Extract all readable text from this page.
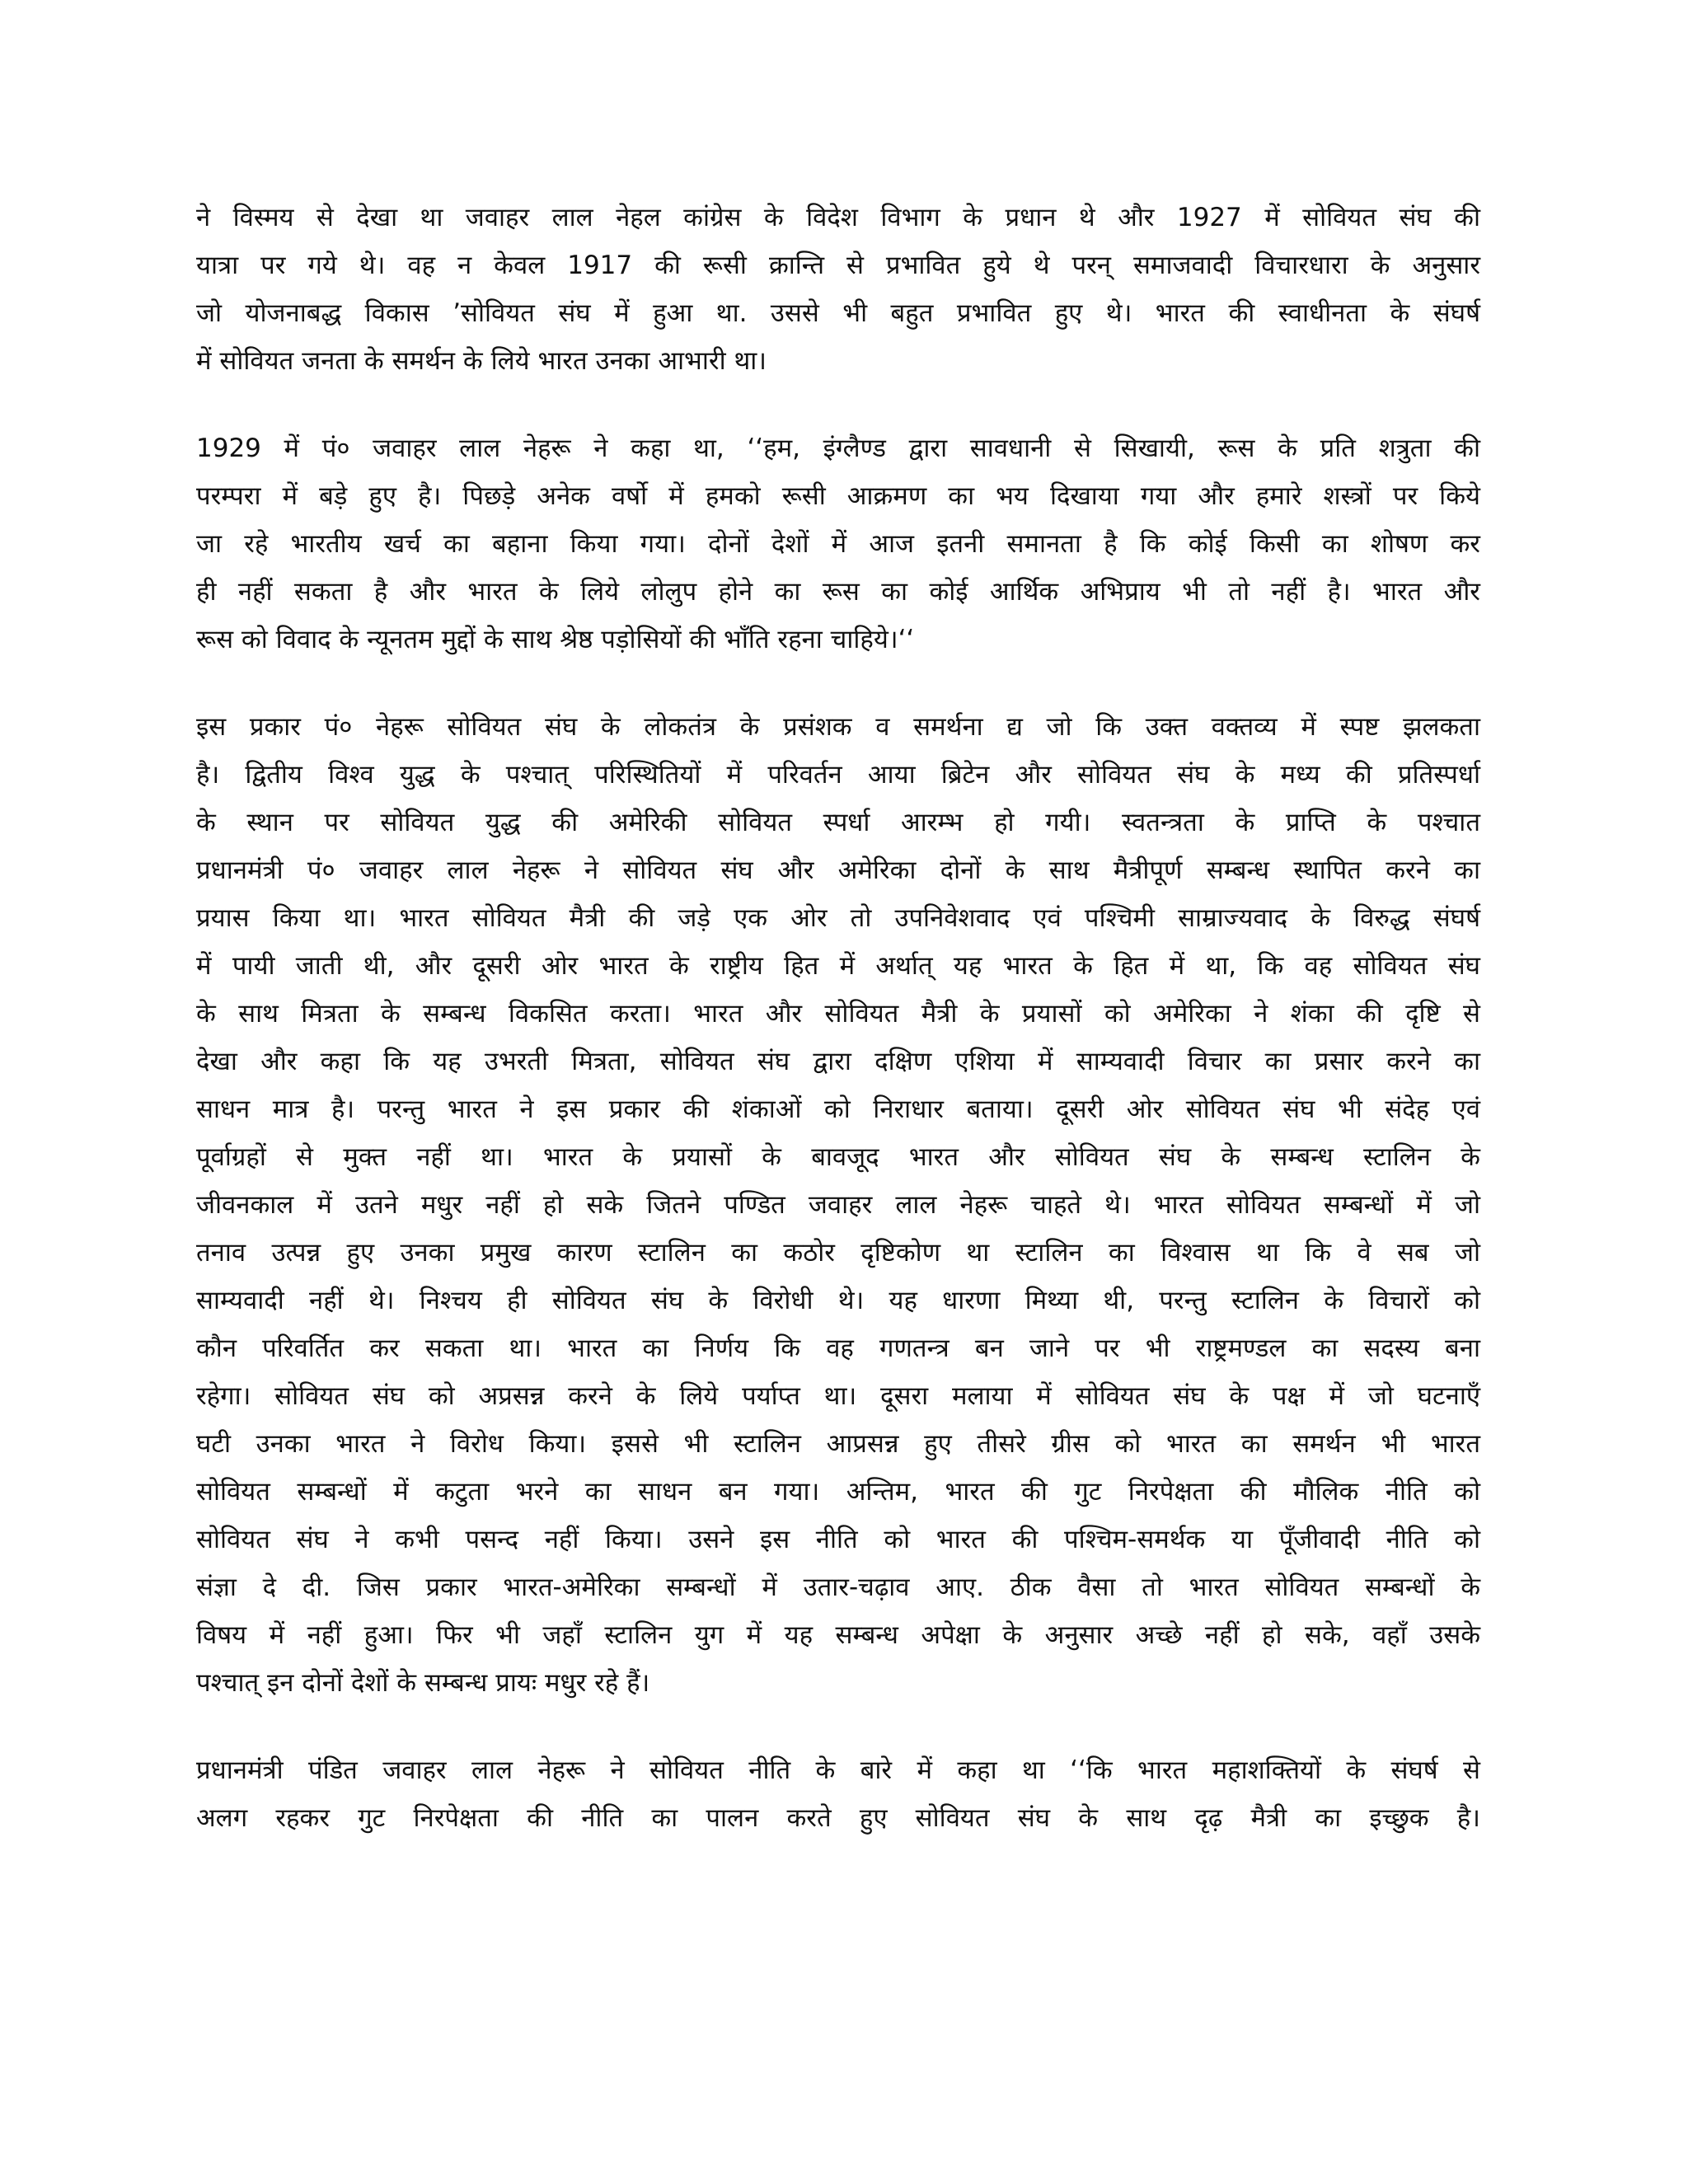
ने विस्मय से देखा था जवाहर लाल नेहल कांग्रेस के विदेश विभाग के प्रधान थे और 1927 में सोवियत संघ की
यात्रा पर गये थे। वह न केवल 1917 की रूसी क्रान्ति से प्रभावित हुये थे परन् समाजवादी विचारधारा के अनुसार
जो योजनाबद्ध विकास ’सोवियत संघ में हुआ था. उससे भी बहुत प्रभावित हुए थे। भारत की स्वाधीनता के संघर्ष
में सोवियत जनता के समर्थन के लिये भारत उनका आभारी था।
1929 में पं० जवाहर लाल नेहरू ने कहा था, ‘‘हम, इंग्लैण्ड द्वारा सावधानी से सिखायी, रूस के प्रति शत्रुता की
परम्परा में बड़े हुए है। पिछड़े अनेक वर्षो में हमको रूसी आक्रमण का भय दिखाया गया और हमारे शस्त्रों पर किये
जा रहे भारतीय खर्च का बहाना किया गया। दोनों देशों में आज इतनी समानता है कि कोई किसी का शोषण कर
ही नहीं सकता है और भारत के लिये लोलुप होने का रूस का कोई आर्थिक अभिप्राय भी तो नहीं है। भारत और
रूस को विवाद के न्यूनतम मुद्दों के साथ श्रेष्ठ पड़ोसियों की भाँति रहना चाहिये।‘‘
इस प्रकार पं० नेहरू सोवियत संघ के लोकतंत्र के प्रसंशक व समर्थना द्य जो कि उक्त वक्तव्य में स्पष्ट झलकता
है। द्वितीय विश्व युद्ध के पश्चात् परिस्थितियों में परिवर्तन आया ब्रिटेन और सोवियत संघ के मध्य की प्रतिस्पर्धा
के स्थान पर सोवियत युद्ध की अमेरिकी सोवियत स्पर्धा आरम्भ हो गयी। स्वतन्त्रता के प्राप्ति के पश्चात
प्रधानमंत्री पं० जवाहर लाल नेहरू ने सोवियत संघ और अमेरिका दोनों के साथ मैत्रीपूर्ण सम्बन्ध स्थापित करने का
प्रयास किया था। भारत सोवियत मैत्री की जड़े एक ओर तो उपनिवेशवाद एवं पश्चिमी साम्राज्यवाद के विरुद्ध संघर्ष
में पायी जाती थी, और दूसरी ओर भारत के राष्ट्रीय हित में अर्थात् यह भारत के हित में था, कि वह सोवियत संघ
के साथ मित्रता के सम्बन्ध विकसित करता। भारत और सोवियत मैत्री के प्रयासों को अमेरिका ने शंका की दृष्टि से
देखा और कहा कि यह उभरती मित्रता, सोवियत संघ द्वारा दक्षिण एशिया में साम्यवादी विचार का प्रसार करने का
साधन मात्र है। परन्तु भारत ने इस प्रकार की शंकाओं को निराधार बताया। दूसरी ओर सोवियत संघ भी संदेह एवं
पूर्वाग्रहों से मुक्त नहीं था। भारत के प्रयासों के बावजूद भारत और सोवियत संघ के सम्बन्ध स्टालिन के
जीवनकाल में उतने मधुर नहीं हो सके जितने पण्डित जवाहर लाल नेहरू चाहते थे। भारत सोवियत सम्बन्धों में जो
तनाव उत्पन्न हुए उनका प्रमुख कारण स्टालिन का कठोर दृष्टिकोण था स्टालिन का विश्वास था कि वे सब जो
साम्यवादी नहीं थे। निश्चय ही सोवियत संघ के विरोधी थे। यह धारणा मिथ्या थी, परन्तु स्टालिन के विचारों को
कौन परिवर्तित कर सकता था। भारत का निर्णय कि वह गणतन्त्र बन जाने पर भी राष्ट्रमण्डल का सदस्य बना
रहेगा। सोवियत संघ को अप्रसन्न करने के लिये पर्याप्त था। दूसरा मलाया में सोवियत संघ के पक्ष में जो घटनाएँ
घटी उनका भारत ने विरोध किया। इससे भी स्टालिन आप्रसन्न हुए तीसरे ग्रीस को भारत का समर्थन भी भारत
सोवियत सम्बन्धों में कटुता भरने का साधन बन गया। अन्तिम, भारत की गुट निरपेक्षता की मौलिक नीति को
सोवियत संघ ने कभी पसन्द नहीं किया। उसने इस नीति को भारत की पश्चिम-समर्थक या पूँजीवादी नीति को
संज्ञा दे दी. जिस प्रकार भारत-अमेरिका सम्बन्धों में उतार-चढ़ाव आए. ठीक वैसा तो भारत सोवियत सम्बन्धों के
विषय में नहीं हुआ। फिर भी जहाँ स्टालिन युग में यह सम्बन्ध अपेक्षा के अनुसार अच्छे नहीं हो सके, वहाँ उसके
पश्चात् इन दोनों देशों के सम्बन्ध प्रायः मधुर रहे हैं।
प्रधानमंत्री पंडित जवाहर लाल नेहरू ने सोवियत नीति के बारे में कहा था ‘‘कि भारत महाशक्तियों के संघर्ष से
अलग रहकर गुट निरपेक्षता की नीति का पालन करते हुए सोवियत संघ के साथ दृढ़ मैत्री का इच्छुक है।
